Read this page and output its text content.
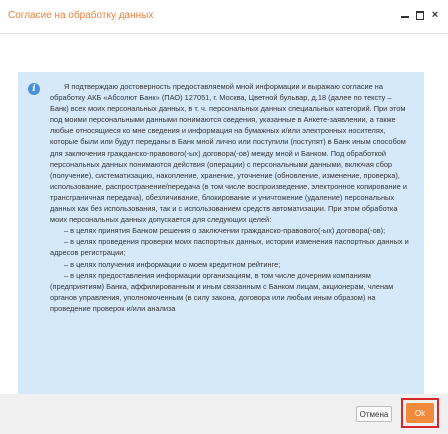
Согласие на обработку данных	×
i	Я подтверждаю достоверность предоставляемой мной информации и выражаю согласие на обработку АКБ «Абсолют Банк» (ПАО) 127051, г. Москва, Цветной бульвар, д.18 (далее по тексту – Банк) всех моих персональных данных, в т. ч. персональных данных специальных категорий. При этом под моими персональными данными понимаются сведения, указанные в Анкете-заявлении, а также любые относящиеся ко мне сведения и информация на бумажных и/или электронных носителях, которые были или будут переданы в Банк мной лично или поступили (поступят) в Банк иным способом для заключения гражданско-правового(-ых) договора(-ов) между мной и Банком. Под обработкой персональных данных понимаются действия (операции) с персональными данными, включая сбор (получение), систематизацию, накопление, хранение, уточнение (обновление, изменение, проверка), использование, распространение/передача (в том числе воспроизведение, электронное копирование и трансграничная передача), обезличивание, блокирование и уничтожение (удаление) персональных данных как без использования, так и с использованием средств автоматизации. При этом обработка моих персональных данных допускается для следующих целей:

– в целях принятия Банком решения о заключении гражданско-правового(-ых) договора(-ов);

– в целях проведения проверки моих паспортных данных, истории изменения паспортных данных и адресов регистрации;

– в целях получения информации о моем кредитном рейтинге;

– в целях предоставления информации организациям, в том числе дочерним компаниям (предприятиям) Банка, аффилированным и иным связанным с Банком лицам, акционерам, членам органов управления, уполномоченным (в силу закона, договора или любым иным образом) на проведение проверок и/или анализа

Отмена	Ok
